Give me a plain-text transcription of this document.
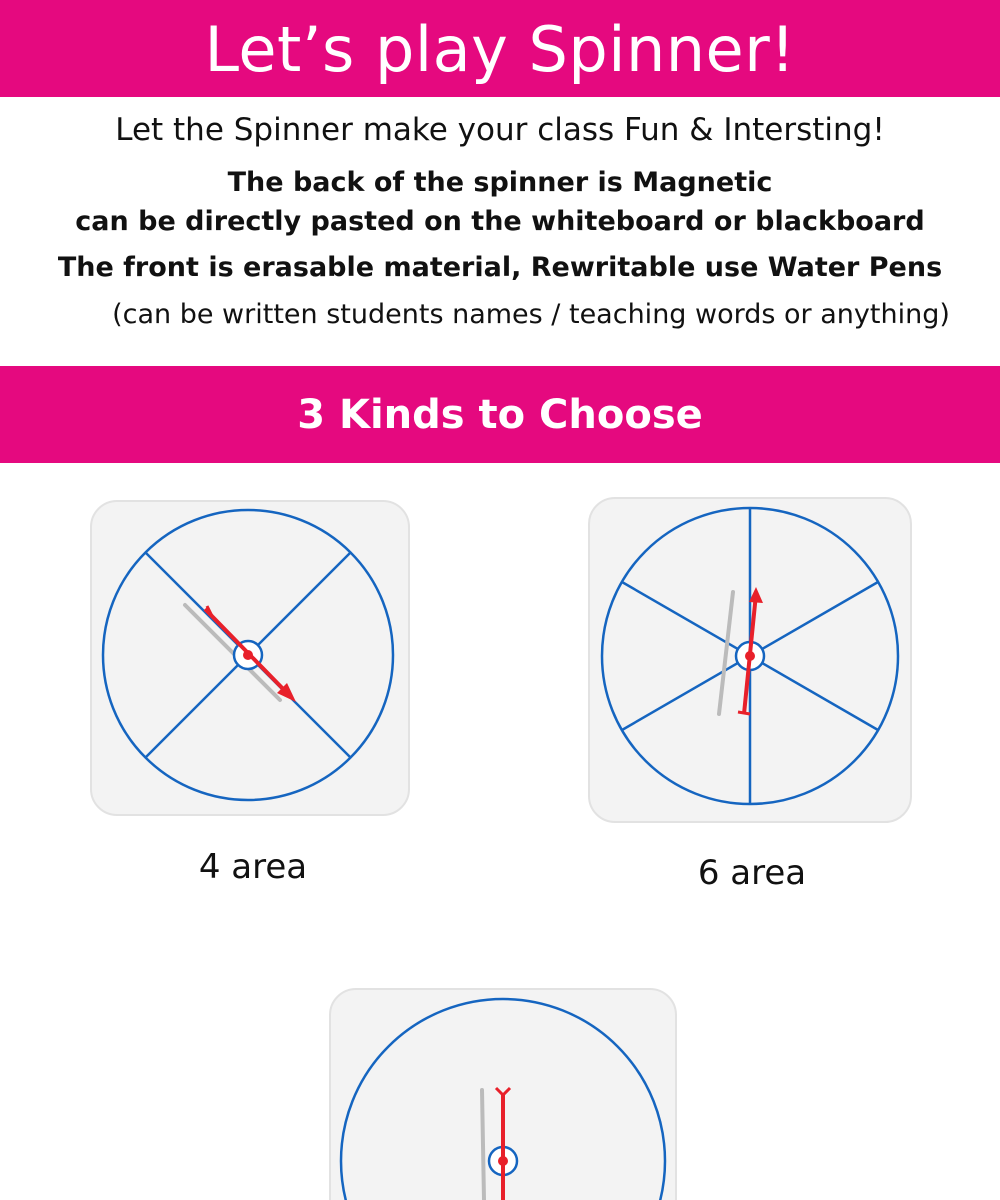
Let’s play Spinner!
Let the Spinner make your class Fun & Intersting!
The back of the spinner is Magnetic
can be directly pasted on the whiteboard or blackboard
The front is erasable material, Rewritable use Water Pens
(can be written students names / teaching words or anything)
3 Kinds to Choose
4 area	6 area
